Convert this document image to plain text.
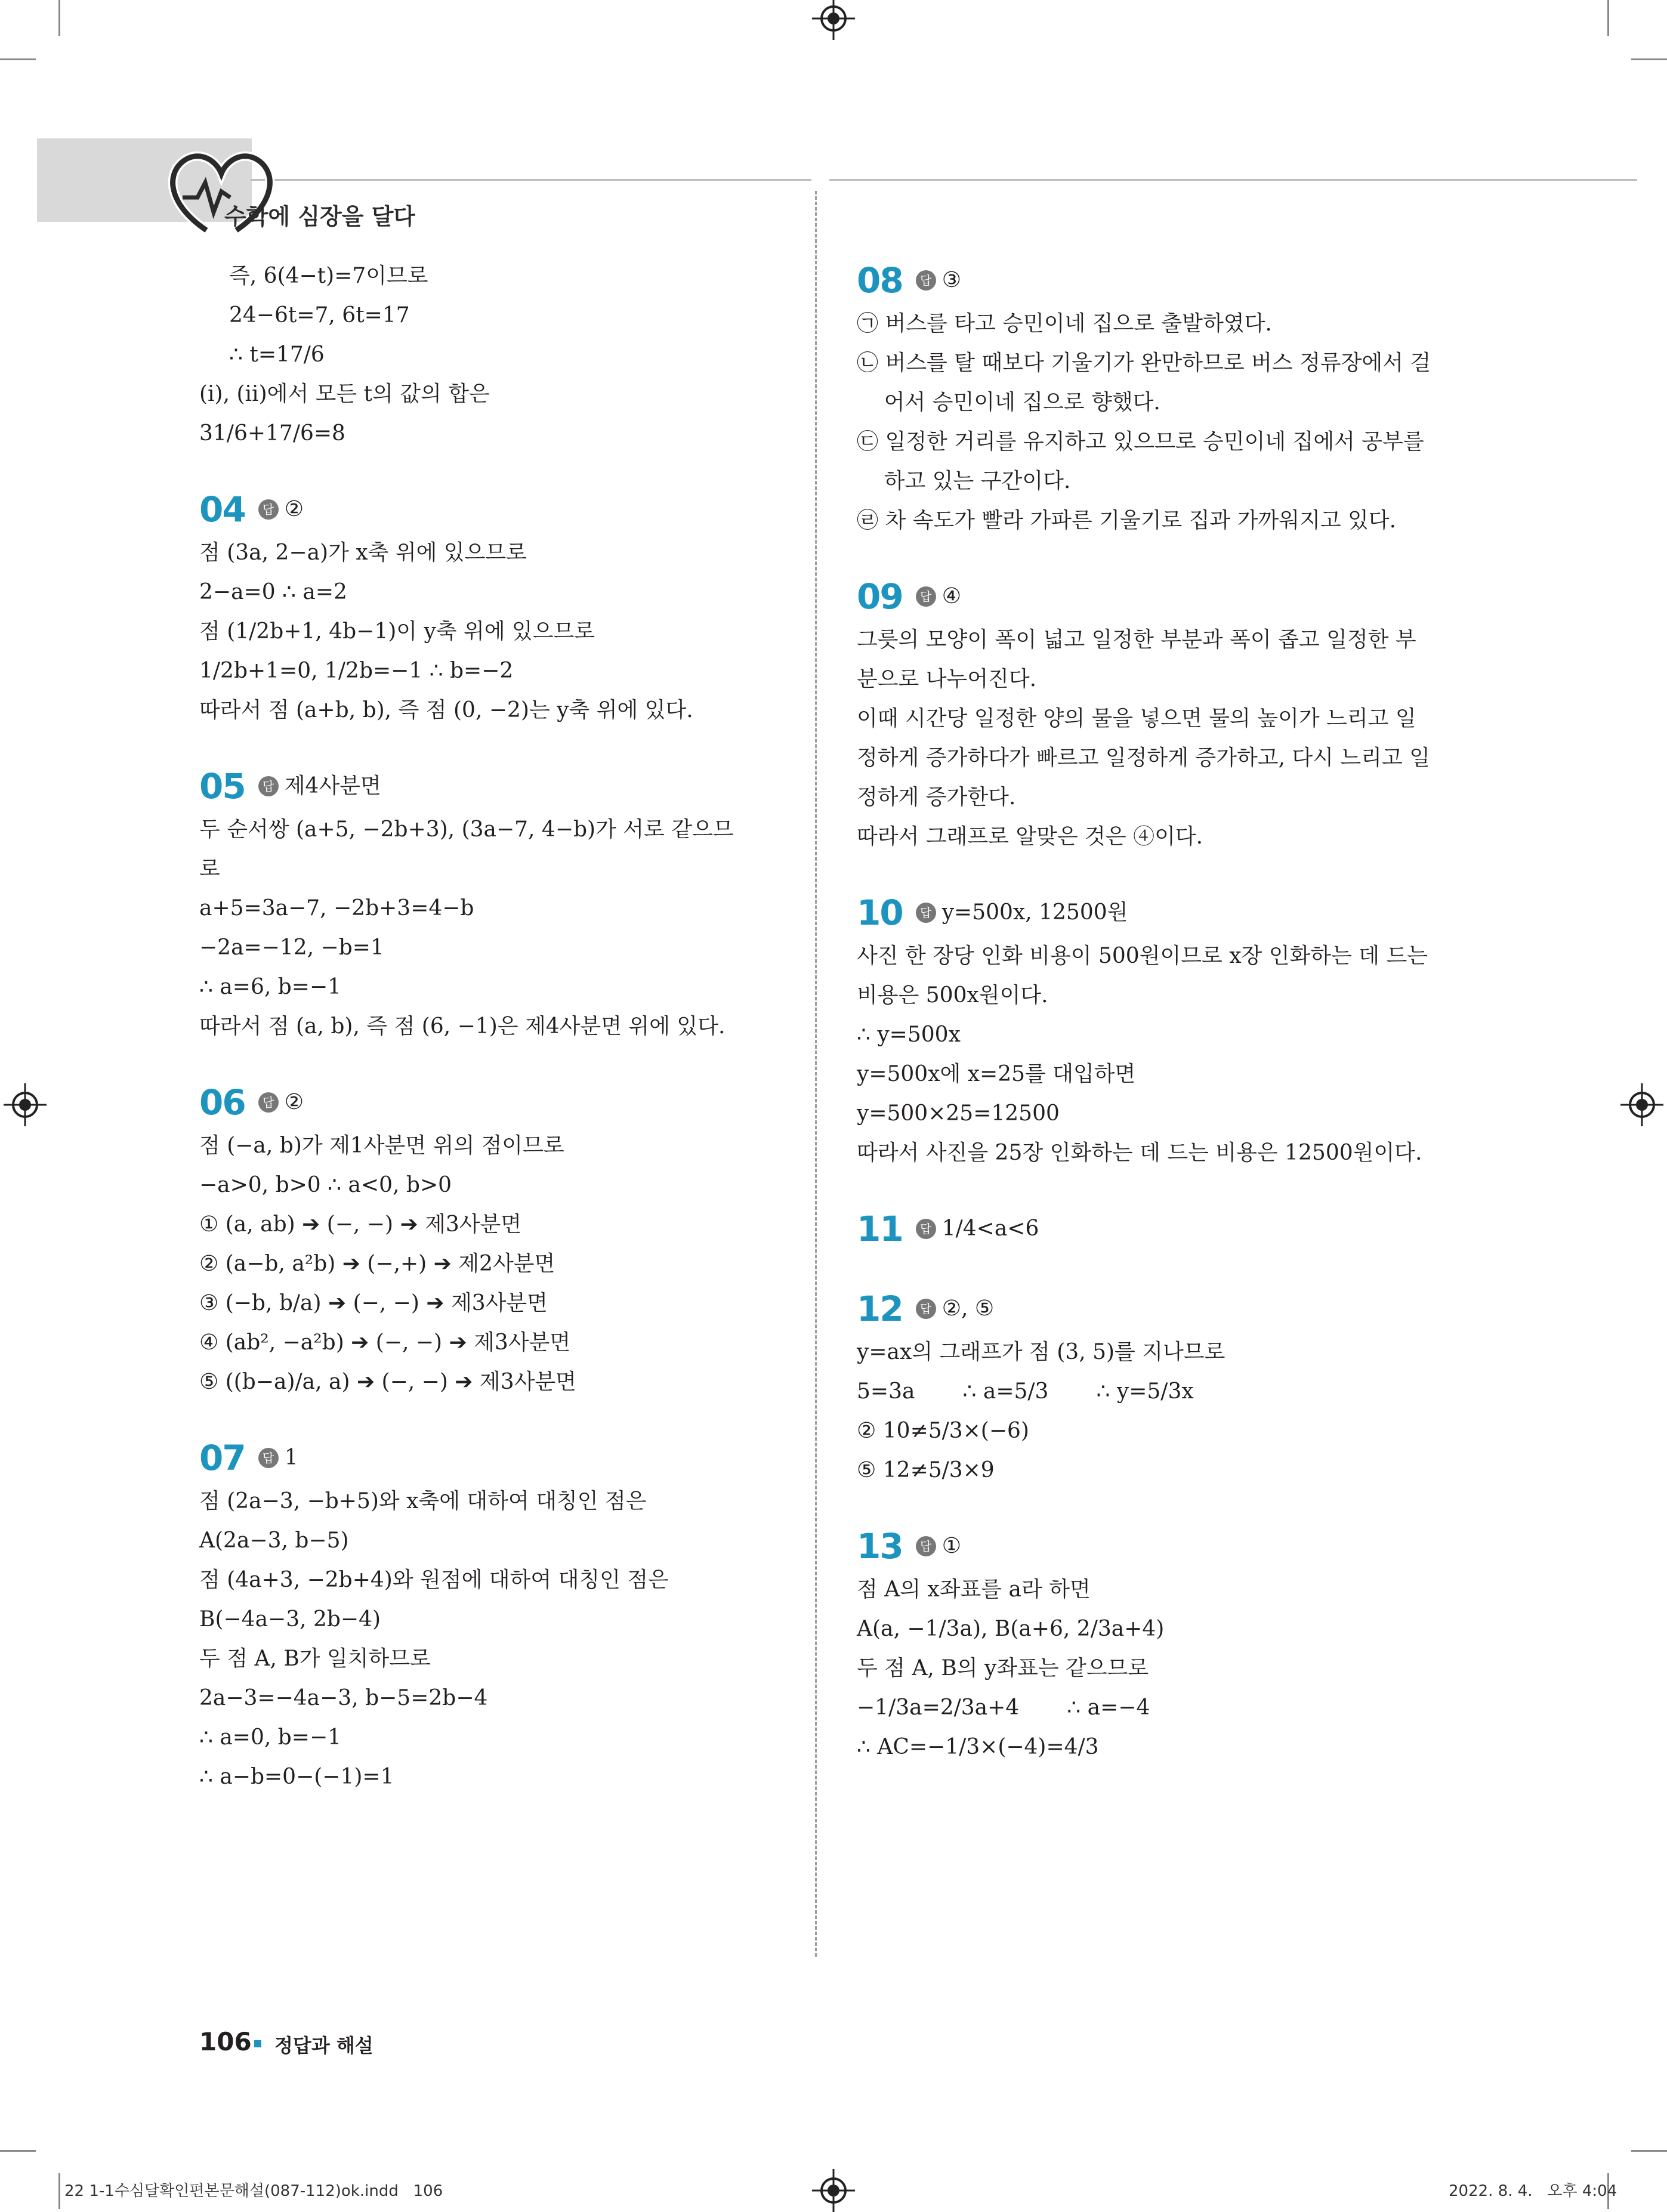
수학에 심장을 달다
즉, 6(4−t)=7이므로
24−6t=7, 6t=17
∴ t=17/6
(ⅰ), (ⅱ)에서 모든 t의 값의 합은
31/6+17/6=8
04	답 ②
점 (3a, 2−a)가 x축 위에 있으므로
2−a=0 ∴ a=2
점 (1/2b+1, 4b−1)이 y축 위에 있으므로
1/2b+1=0, 1/2b=−1 ∴ b=−2
따라서 점 (a+b, b), 즉 점 (0, −2)는 y축 위에 있다.
05	답 제4사분면
두 순서쌍 (a+5, −2b+3), (3a−7, 4−b)가 서로 같으므
로
a+5=3a−7, −2b+3=4−b
−2a=−12, −b=1
∴ a=6, b=−1
따라서 점 (a, b), 즉 점 (6, −1)은 제4사분면 위에 있다.
06	답 ②
점 (−a, b)가 제1사분면 위의 점이므로
−a>0, b>0 ∴ a<0, b>0
① (a, ab) ➔ (−, −) ➔ 제3사분면
② (a−b, a²b) ➔ (−,+) ➔ 제2사분면
③ (−b, b/a) ➔ (−, −) ➔ 제3사분면
④ (ab², −a²b) ➔ (−, −) ➔ 제3사분면
⑤ ((b−a)/a, a) ➔ (−, −) ➔ 제3사분면
07	답 1
점 (2a−3, −b+5)와 x축에 대하여 대칭인 점은
A(2a−3, b−5)
점 (4a+3, −2b+4)와 원점에 대하여 대칭인 점은
B(−4a−3, 2b−4)
두 점 A, B가 일치하므로
2a−3=−4a−3, b−5=2b−4
∴ a=0, b=−1
∴ a−b=0−(−1)=1
08	답 ③
㉠ 버스를 타고 승민이네 집으로 출발하였다.
㉡ 버스를 탈 때보다 기울기가 완만하므로 버스 정류장에서 걸
어서 승민이네 집으로 향했다.
㉢ 일정한 거리를 유지하고 있으므로 승민이네 집에서 공부를
하고 있는 구간이다.
㉣ 차 속도가 빨라 가파른 기울기로 집과 가까워지고 있다.
09	답 ④
그릇의 모양이 폭이 넓고 일정한 부분과 폭이 좁고 일정한 부
분으로 나누어진다.
이때 시간당 일정한 양의 물을 넣으면 물의 높이가 느리고 일
정하게 증가하다가 빠르고 일정하게 증가하고, 다시 느리고 일
정하게 증가한다.
따라서 그래프로 알맞은 것은 ④이다.
10	답 y=500x, 12500원
사진 한 장당 인화 비용이 500원이므로 x장 인화하는 데 드는
비용은 500x원이다.
∴ y=500x
y=500x에 x=25를 대입하면
y=500×25=12500
따라서 사진을 25장 인화하는 데 드는 비용은 12500원이다.
11	답 1/4<a<6
12	답 ②, ⑤
y=ax의 그래프가 점 (3, 5)를 지나므로
5=3a       ∴ a=5/3       ∴ y=5/3x
② 10≠5/3×(−6)
⑤ 12≠5/3×9
13	답 ①
점 A의 x좌표를 a라 하면
A(a, −1/3a), B(a+6, 2/3a+4)
두 점 A, B의 y좌표는 같으므로
−1/3a=2/3a+4       ∴ a=−4
∴ AC=−1/3×(−4)=4/3
106 정답과 해설
22 1-1수심달확인편본문해설(087-112)ok.indd   106	2022. 8. 4.   오후 4:04
